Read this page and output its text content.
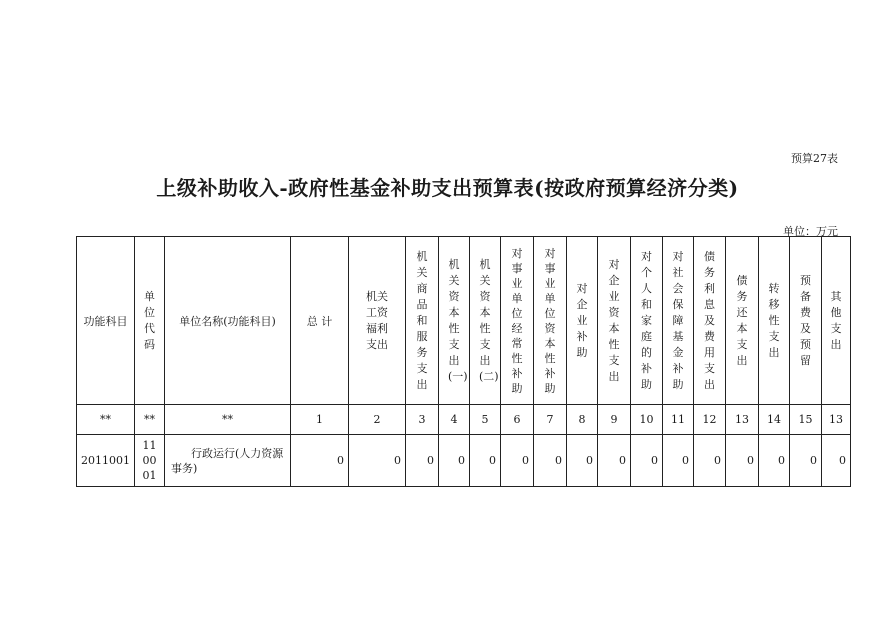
预算27表
上级补助收入-政府性基金补助支出预算表(按政府预算经济分类)
单位：万元
功能科目	单位代码	单位名称(功能科目)	总 计	机关工资福利支出	机关商品和服务支出	机关资本性支出(一)	机关资本性支出(二)	对事业单位经常性补助	对事业单位资本性补助	对企业补助	对企业资本性支出	对个人和家庭的补助	对社会保障基金补助	债务利息及费用支出	债务还本支出	转移性支出	预备费及预留	其他支出
**	**	**	1	2	3	4	5	6	7	8	9	10	11	12	13	14	15	13
2011001	110001	行政运行(人力资源事务)	0	0	0	0	0	0	0	0	0	0	0	0	0	0	0	0
